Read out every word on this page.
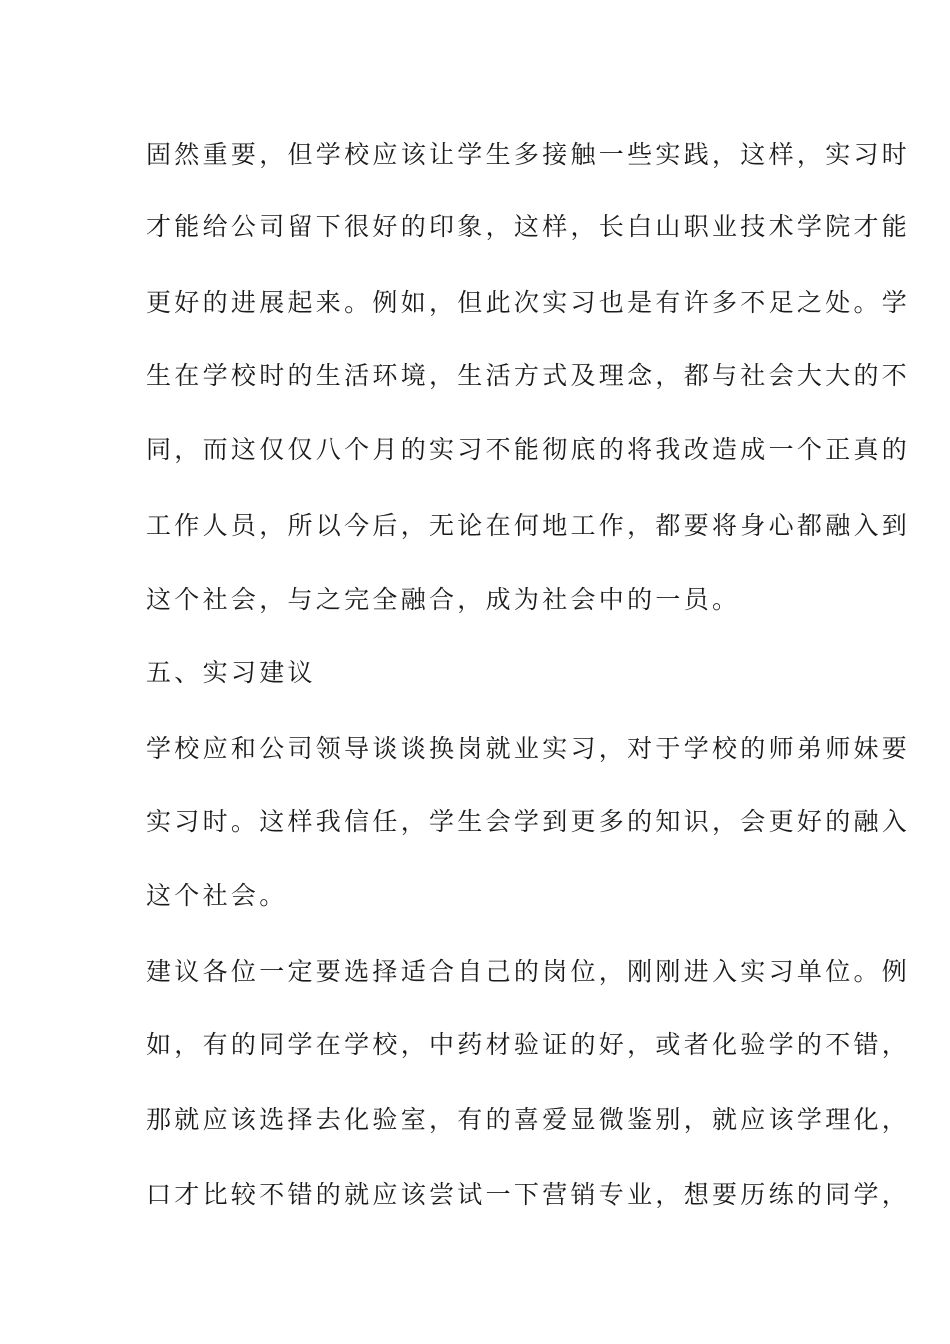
固然重要，但学校应该让学生多接触一些实践，这样，实习时
才能给公司留下很好的印象，这样，长白山职业技术学院才能
更好的进展起来。例如，但此次实习也是有许多不足之处。学
生在学校时的生活环境，生活方式及理念，都与社会大大的不
同，而这仅仅八个月的实习不能彻底的将我改造成一个正真的
工作人员，所以今后，无论在何地工作，都要将身心都融入到
这个社会，与之完全融合，成为社会中的一员。
五、实习建议
学校应和公司领导谈谈换岗就业实习，对于学校的师弟师妹要
实习时。这样我信任，学生会学到更多的知识，会更好的融入
这个社会。
建议各位一定要选择适合自己的岗位，刚刚进入实习单位。例
如，有的同学在学校，中药材验证的好，或者化验学的不错，
那就应该选择去化验室，有的喜爱显微鉴别，就应该学理化，
口才比较不错的就应该尝试一下营销专业，想要历练的同学，
